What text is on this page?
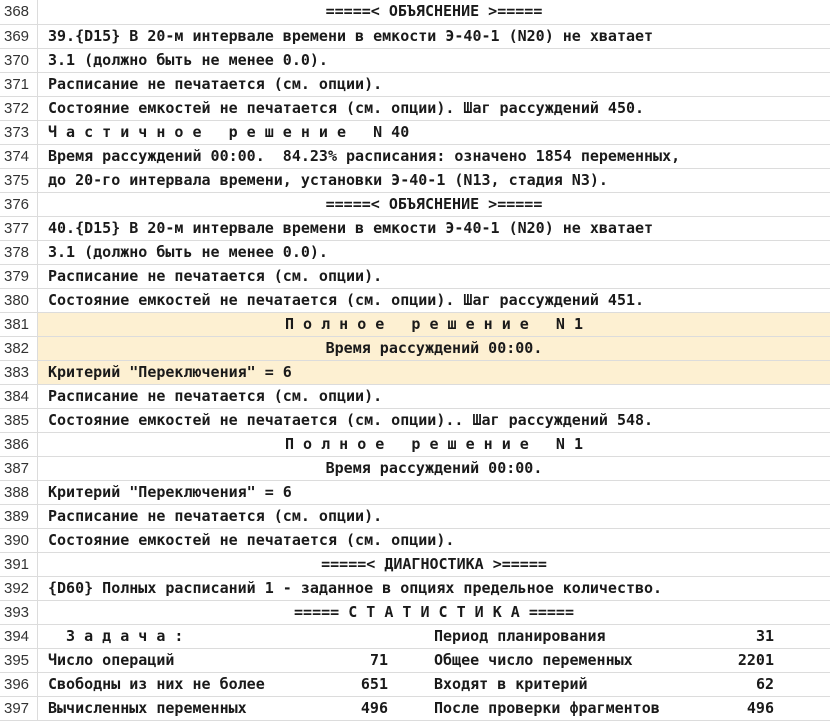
368	=====< ОБЪЯСНЕНИЕ >=====
369	39.{D15} В 20-м интервале времени в емкости Э-40-1 (N20) не хватает
370	3.1 (должно быть не менее 0.0).
371	Расписание не печатается (см. опции).
372	Состояние емкостей не печатается (см. опции). Шаг рассуждений 450.
373	Ч а с т и ч н о е   р е ш е н и е   N 40
374	Время рассуждений 00:00.  84.23% расписания: означено 1854 переменных,
375	до 20-го интервала времени, установки Э-40-1 (N13, стадия N3).
376	=====< ОБЪЯСНЕНИЕ >=====
377	40.{D15} В 20-м интервале времени в емкости Э-40-1 (N20) не хватает
378	3.1 (должно быть не менее 0.0).
379	Расписание не печатается (см. опции).
380	Состояние емкостей не печатается (см. опции). Шаг рассуждений 451.
381	П о л н о е   р е ш е н и е   N 1
382	Время рассуждений 00:00.
383	Критерий "Переключения" = 6
384	Расписание не печатается (см. опции).
385	Состояние емкостей не печатается (см. опции).. Шаг рассуждений 548.
386	П о л н о е   р е ш е н и е   N 1
387	Время рассуждений 00:00.
388	Критерий "Переключения" = 6
389	Расписание не печатается (см. опции).
390	Состояние емкостей не печатается (см. опции).
391	=====< ДИАГНОСТИКА >=====
392	{D60} Полных расписаний 1 - заданное в опциях предельное количество.
393	===== С Т А Т И С Т И К А =====
394	З а д а ч а :	Период планирования	31
395	Число операций	71	Общее число переменных	2201
396	Свободны из них не более	651	Входят в критерий	62
397	Вычисленных переменных	496	После проверки фрагментов	496
